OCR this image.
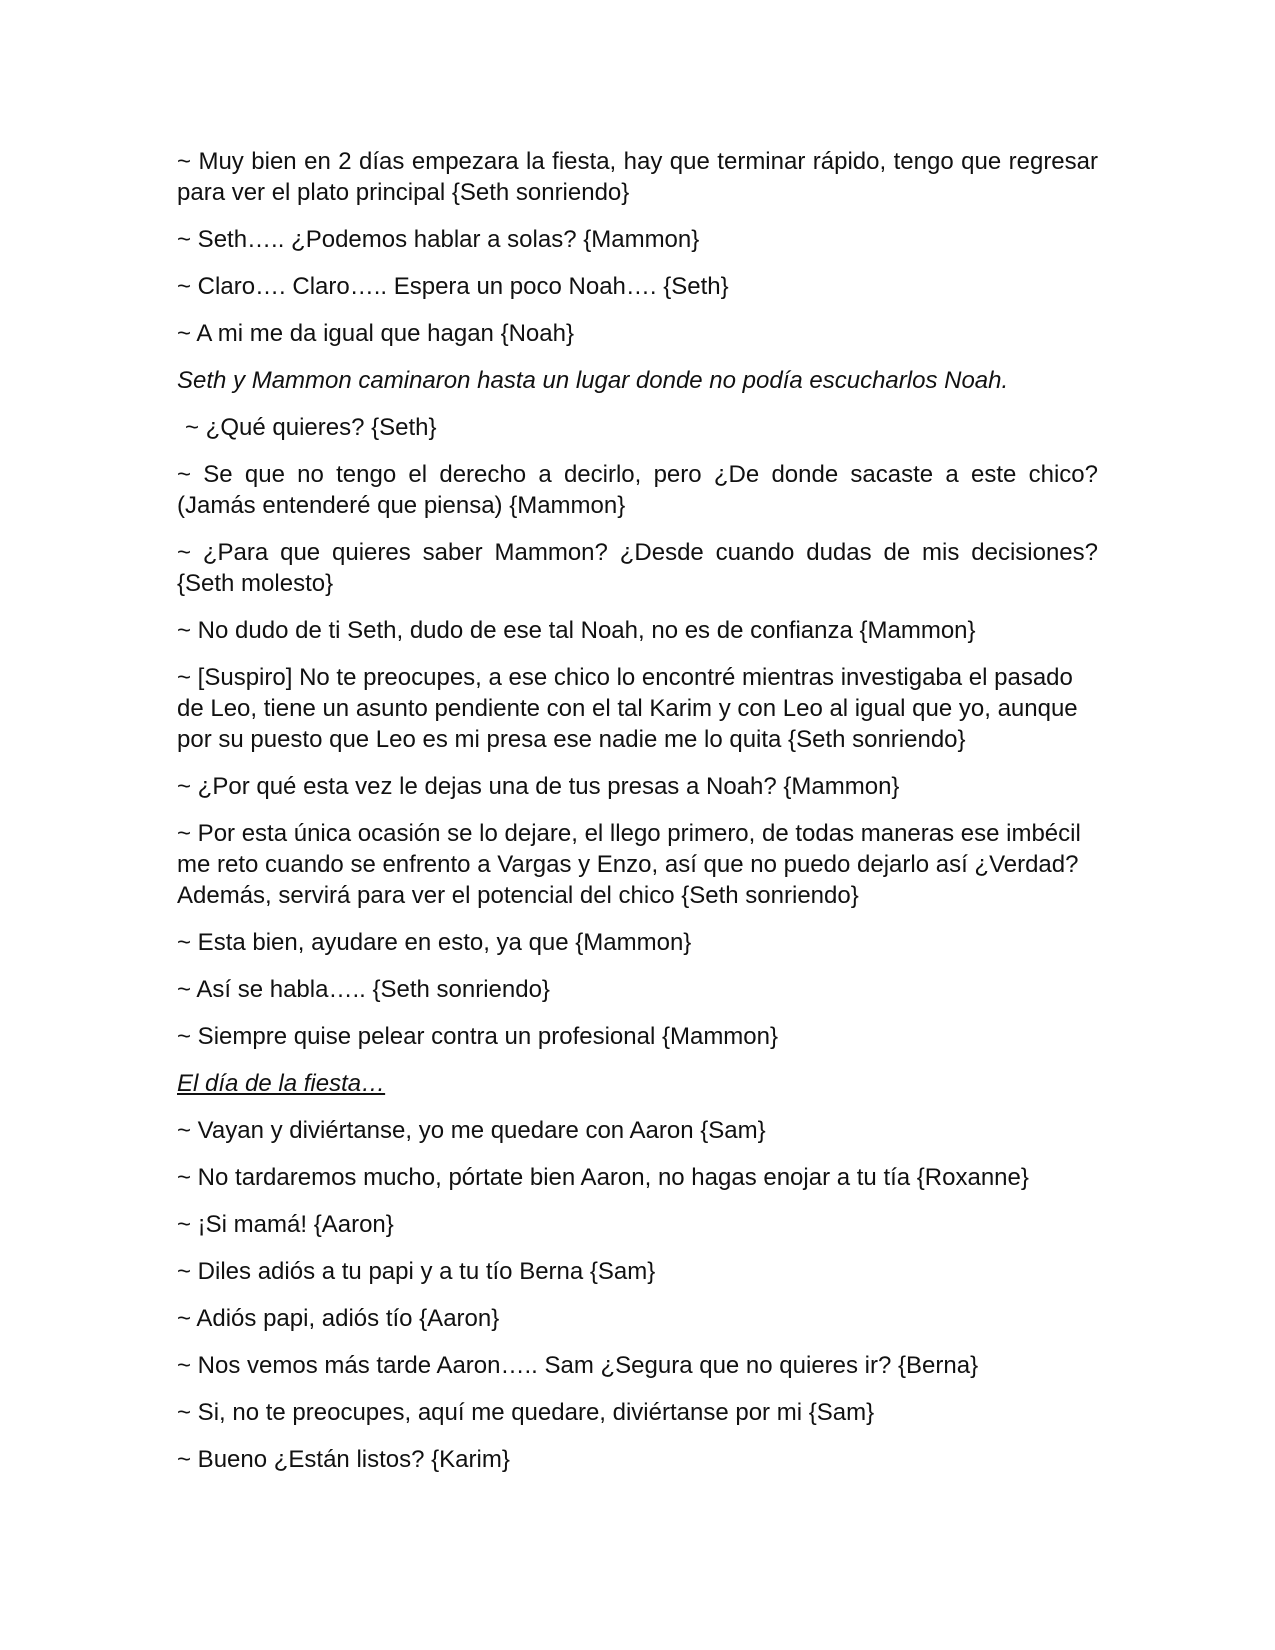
~ Muy bien en 2 días empezara la fiesta, hay que terminar rápido, tengo que regresar para ver el plato principal {Seth sonriendo}

~ Seth….. ¿Podemos hablar a solas? {Mammon}

~ Claro…. Claro….. Espera un poco Noah…. {Seth}

~ A mi me da igual que hagan {Noah}

Seth y Mammon caminaron hasta un lugar donde no podía escucharlos Noah.

~ ¿Qué quieres? {Seth}

~ Se que no tengo el derecho a decirlo, pero ¿De donde sacaste a este chico? (Jamás entenderé que piensa) {Mammon}

~ ¿Para que quieres saber Mammon? ¿Desde cuando dudas de mis decisiones? {Seth molesto}

~ No dudo de ti Seth, dudo de ese tal Noah, no es de confianza {Mammon}

~ [Suspiro] No te preocupes, a ese chico lo encontré mientras investigaba el pasado de Leo, tiene un asunto pendiente con el tal Karim y con Leo al igual que yo, aunque por su puesto que Leo es mi presa ese nadie me lo quita {Seth sonriendo}

~ ¿Por qué esta vez le dejas una de tus presas a Noah? {Mammon}

~ Por esta única ocasión se lo dejare, el llego primero, de todas maneras ese imbécil me reto cuando se enfrento a Vargas y Enzo, así que no puedo dejarlo así ¿Verdad? Además, servirá para ver el potencial del chico {Seth sonriendo}

~ Esta bien, ayudare en esto, ya que {Mammon}

~ Así se habla….. {Seth sonriendo}

~ Siempre quise pelear contra un profesional {Mammon}

El día de la fiesta…

~ Vayan y diviértanse, yo me quedare con Aaron {Sam}

~ No tardaremos mucho, pórtate bien Aaron, no hagas enojar a tu tía {Roxanne}

~ ¡Si mamá! {Aaron}

~ Diles adiós a tu papi y a tu tío Berna {Sam}

~ Adiós papi, adiós tío {Aaron}

~ Nos vemos más tarde Aaron….. Sam ¿Segura que no quieres ir? {Berna}

~ Si, no te preocupes, aquí me quedare, diviértanse por mi {Sam}

~ Bueno ¿Están listos? {Karim}
